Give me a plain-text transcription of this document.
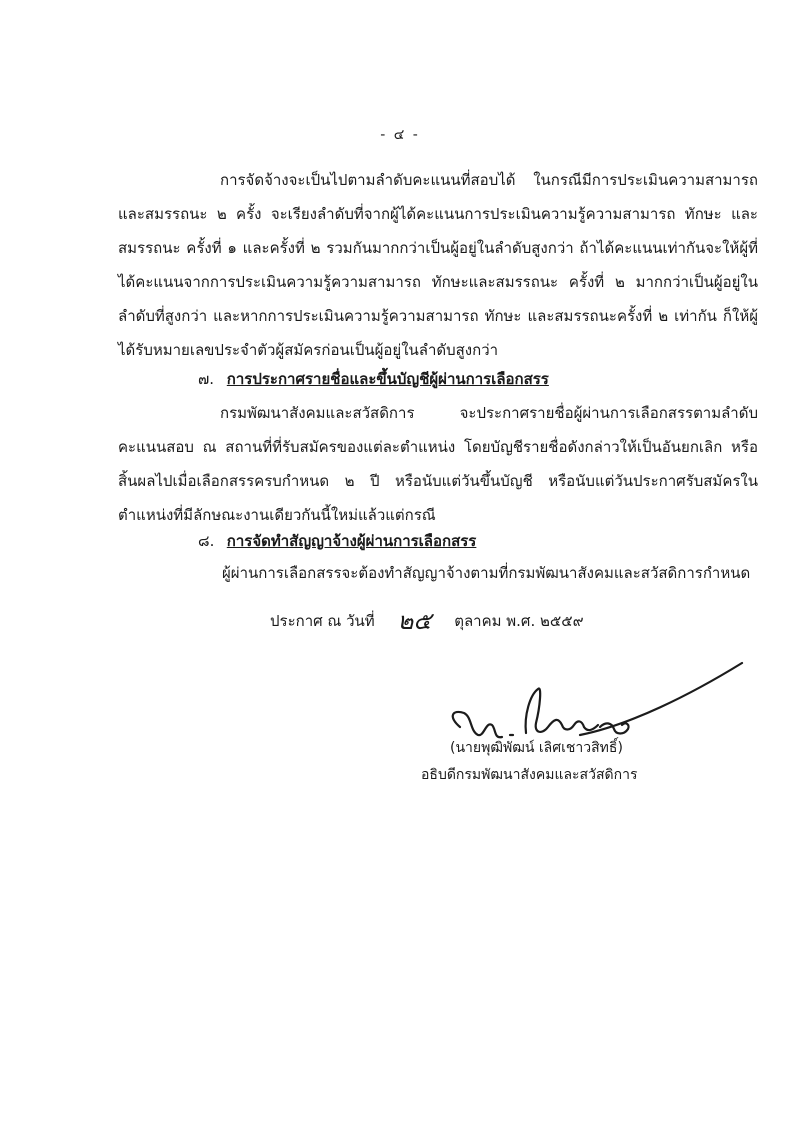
- ๔ -

การจัดจ้างจะเป็นไปตามลำดับคะแนนที่สอบได้ ในกรณีมีการประเมินความสามารถและสมรรถนะ ๒ ครั้ง จะเรียงลำดับที่จากผู้ได้คะแนนการประเมินความรู้ความสามารถ ทักษะ และสมรรถนะ ครั้งที่ ๑ และครั้งที่ ๒ รวมกันมากกว่าเป็นผู้อยู่ในลำดับสูงกว่า ถ้าได้คะแนนเท่ากันจะให้ผู้ที่ได้คะแนนจากการประเมินความรู้ความสามารถ ทักษะและสมรรถนะ ครั้งที่ ๒ มากกว่าเป็นผู้อยู่ในลำดับที่สูงกว่า และหากการประเมินความรู้ความสามารถ ทักษะ และสมรรถนะครั้งที่ ๒ เท่ากัน ก็ให้ผู้ได้รับหมายเลขประจำตัวผู้สมัครก่อนเป็นผู้อยู่ในลำดับสูงกว่า

๗. การประกาศรายชื่อและขึ้นบัญชีผู้ผ่านการเลือกสรร

กรมพัฒนาสังคมและสวัสดิการ จะประกาศรายชื่อผู้ผ่านการเลือกสรรตามลำดับคะแนนสอบ ณ สถานที่ที่รับสมัครของแต่ละตำแหน่ง โดยบัญชีรายชื่อดังกล่าวให้เป็นอันยกเลิก หรือสิ้นผลไปเมื่อเลือกสรรครบกำหนด ๒ ปี หรือนับแต่วันขึ้นบัญชี หรือนับแต่วันประกาศรับสมัครในตำแหน่งที่มีลักษณะงานเดียวกันนี้ใหม่แล้วแต่กรณี

๘. การจัดทำสัญญาจ้างผู้ผ่านการเลือกสรร

ผู้ผ่านการเลือกสรรจะต้องทำสัญญาจ้างตามที่กรมพัฒนาสังคมและสวัสดิการกำหนด

ประกาศ ณ วันที่ ๒๕ ตุลาคม พ.ศ. ๒๕๕๙
(นายพุฒิพัฒน์ เลิศเชาวสิทธิ์)
อธิบดีกรมพัฒนาสังคมและสวัสดิการ
